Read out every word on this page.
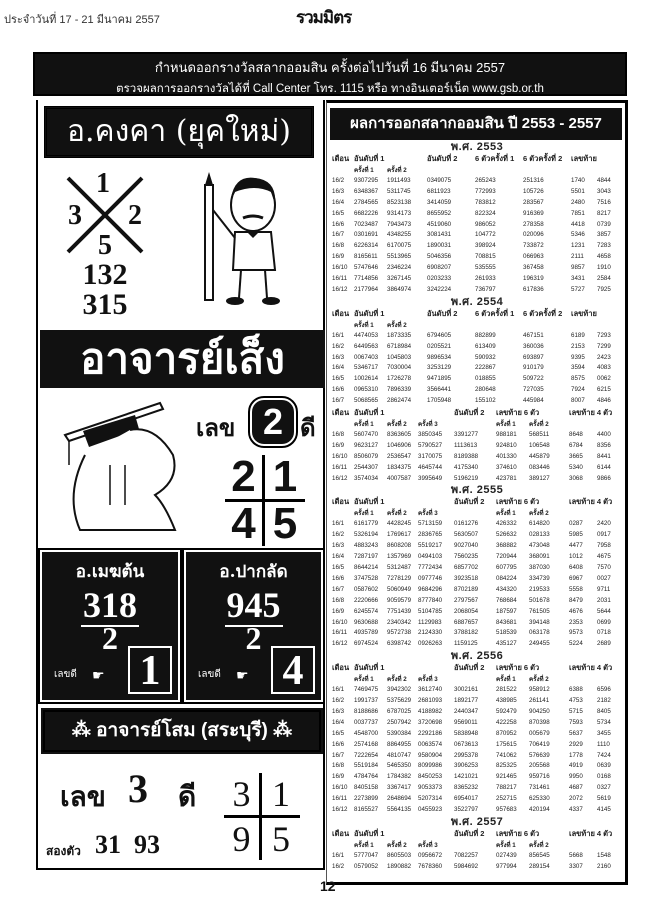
ประจำวันที่ 17 - 21 มีนาคม 2557	รวมมิตร
กำหนดออกรางวัลสลากออมสิน ครั้งต่อไปวันที่ 16 มีนาคม 2557
ตรวจผลการออกรางวัลได้ที่ Call Center โทร. 1115 หรือ ทางอินเตอร์เน็ต www.gsb.or.th
อ.คงคา (ยุคใหม่)
1
3 2
5
132
315
อาจารย์เส็ง
เลข 2 ดี
2 1
4 5
อ.เมฆต้น
318
2
เลขดี ☛ 1
อ.ปากลัด
945
2
เลขดี ☛ 4
⁂ อาจารย์โสม (สระบุรี) ⁂
เลข 3 ดี 3 1
9 5
สองตัว 31  93
ผลการออกสลากออมสิน ปี 2553 - 2557
พ.ศ. 2553
เดือน อันดับที่ 1	อันดับที่ 2	6 ตัวครั้งที่ 1	6 ตัวครั้งที่ 2	เลขท้าย
ครั้งที่ 1	ครั้งที่ 2
16/2	9307295	1911493	0349075	265243	251316	1740	4844
16/3	6348367	5311745	6811923	772993	105726	5501	3043
16/4	2784565	8523138	3414059	783812	283567	2480	7516
16/5	6682226	9314173	8655952	822324	916369	7851	8217
16/6	7023487	7943473	4519060	986052	278358	4418	0739
16/7	0301691	4348255	3081431	104772	020096	5346	3857
16/8	6226314	6170075	1890031	398924	733872	1231	7283
16/9	8165611	5513965	5046356	708815	066963	2111	4658
16/10	5747646	2346224	6908207	535555	367458	9857	1910
16/11	7714856	3267145	0203233	261933	196319	3431	2584
16/12	2177964	3864974	3242224	736797	617836	5727	7925
พ.ศ. 2554
เดือน อันดับที่ 1	อันดับที่ 2	6 ตัวครั้งที่ 1	6 ตัวครั้งที่ 2	เลขท้าย
ครั้งที่ 1	ครั้งที่ 2
16/1	4474053	1873335	6794605	882899	467151	6189	7293
16/2	6449563	6718984	0205521	613409	360036	2153	7299
16/3	0067403	1045803	9896534	590932	693897	9395	2423
16/4	5346717	7030004	3253129	222867	910179	3594	4083
16/5	1002614	1726278	9471895	018855	509722	8575	0062
16/6	0965310	7896339	3566441	280648	727035	7924	6215
16/7	5068565	2862474	1705948	155102	445984	8007	4846
เดือน อันดับที่ 1	อันดับที่ 2	เลขท้าย 6 ตัว	เลขท้าย 4 ตัว
ครั้งที่ 1	ครั้งที่ 2	ครั้งที่ 3	ครั้งที่ 1	ครั้งที่ 2
16/8	5607470	8363605	3850345	3391277	988181	568511	8648	4400
16/9	9623127	1046906	5790527	1113613	924810	106548	6784	8356
16/10	8506079	2536547	3170075	8189388	401330	445879	3665	8441
16/11	2544307	1834375	4645744	4175340	374610	083446	5340	6144
16/12	3574034	4007587	3995649	5196219	423781	389127	3068	9866
พ.ศ. 2555
เดือน อันดับที่ 1	อันดับที่ 2	เลขท้าย 6 ตัว	เลขท้าย 4 ตัว
ครั้งที่ 1	ครั้งที่ 2	ครั้งที่ 3	ครั้งที่ 1	ครั้งที่ 2
16/1	6161779	4428245	5713159	0161276	426332	614820	0287	2420
16/2	5326194	1769617	2836765	5630507	526632	028133	5985	0917
16/3	4883243	8608208	5519217	9027040	368882	473048	4477	7958
16/4	7287197	1357969	0494103	7560235	720944	368091	1012	4675
16/5	8644214	5312487	7772434	6857702	607795	387030	6408	7570
16/6	3747528	7278129	0977746	3923518	084224	334739	6967	0027
16/7	0587602	5060949	9684296	8702189	434320	219533	5558	9711
16/8	2220666	9059579	8777840	2797567	768684	501678	8479	2031
16/9	6245574	7751439	5104785	2068054	187597	761505	4676	5644
16/10	9630688	2340342	1129983	6887657	843681	394148	2353	0699
16/11	4935789	9572738	2124330	3788182	518539	063178	9573	0718
16/12	6974524	6398742	0926263	1159125	435127	249455	5224	2689
พ.ศ. 2556
เดือน อันดับที่ 1	อันดับที่ 2	เลขท้าย 6 ตัว	เลขท้าย 4 ตัว
ครั้งที่ 1	ครั้งที่ 2	ครั้งที่ 3	ครั้งที่ 1	ครั้งที่ 2
16/1	7469475	3942302	3612740	3002161	281522	958912	6388	6596
16/2	1991737	5375629	2681093	1892177	438985	261141	4753	2182
16/3	8188686	6787025	4188982	2440347	592479	904250	5715	8405
16/4	0037737	2507942	3720698	9569011	422258	870398	7593	5734
16/5	4548700	5390384	2292186	5838948	870952	005679	5637	3455
16/6	2574168	8864955	0063574	0673613	175615	706419	2929	1110
16/7	7222654	4810747	9580904	2995378	741062	576639	1778	7424
16/8	5519184	5465350	8099986	3906253	825325	205568	4919	0639
16/9	4784764	1784382	8450253	1421021	921465	959716	9950	0168
16/10	8405158	3367417	9053373	8365232	788217	731461	4687	0327
16/11	2273899	2648694	5207314	6954017	252715	625330	2072	5619
16/12	8165527	5564135	0455923	3522797	957683	420194	4337	4145
พ.ศ. 2557
เดือน อันดับที่ 1	อันดับที่ 2	เลขท้าย 6 ตัว	เลขท้าย 4 ตัว
ครั้งที่ 1	ครั้งที่ 2	ครั้งที่ 3	ครั้งที่ 1	ครั้งที่ 2
16/1	5777047	8605503	0956672	7082257	027439	856545	5668	1548
16/2	0579052	1890882	7678360	5984692	977994	289154	3307	2160
12
